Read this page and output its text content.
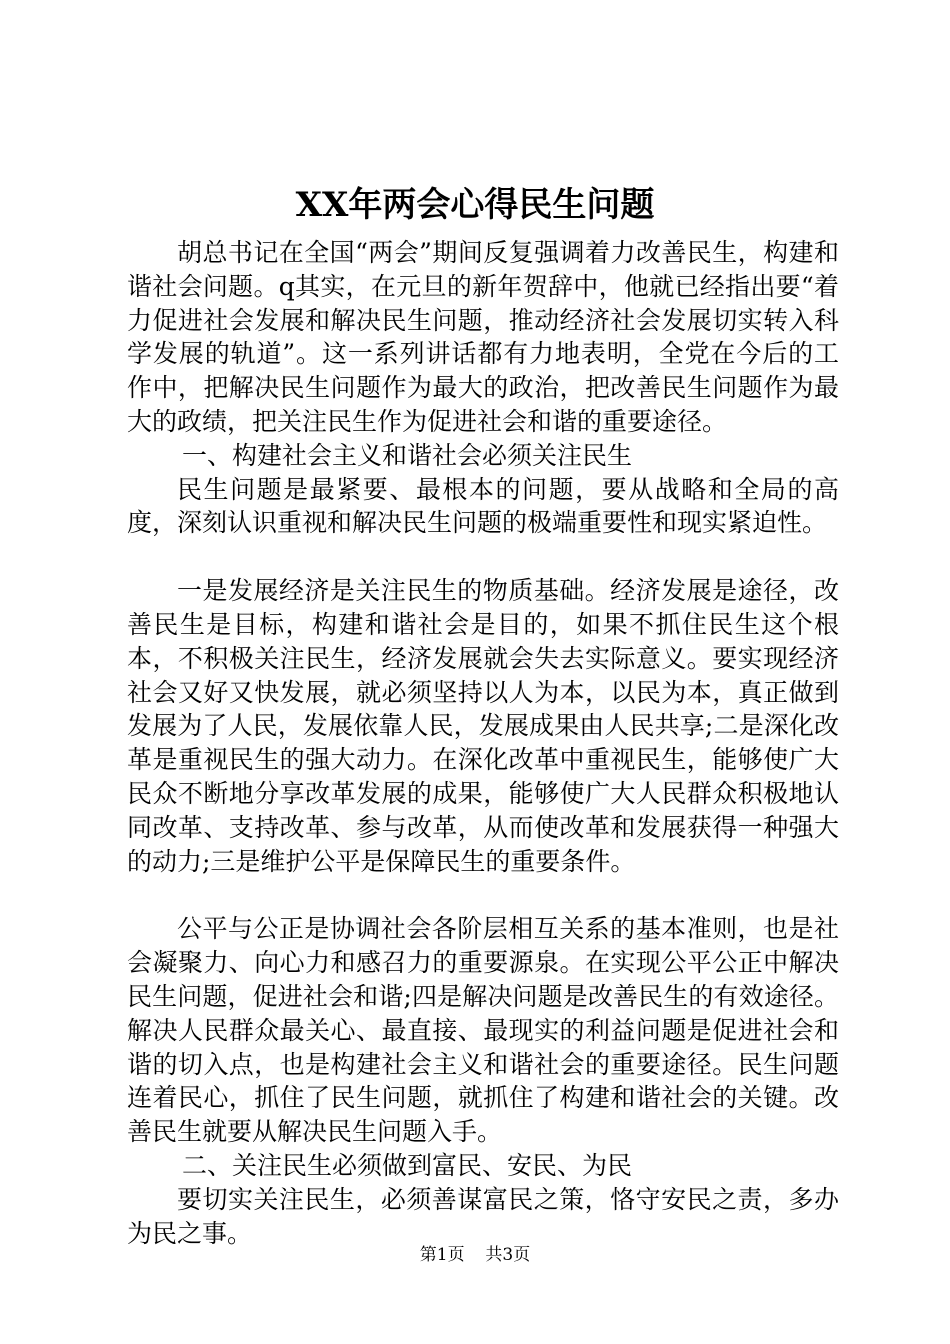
XX年两会心得民生问题

胡总书记在全国“两会”期间反复强调着力改善民生，构建和谐社会问题。q其实，在元旦的新年贺辞中，他就已经指出要“着力促进社会发展和解决民生问题，推动经济社会发展切实转入科学发展的轨道”。这一系列讲话都有力地表明，全党在今后的工作中，把解决民生问题作为最大的政治，把改善民生问题作为最大的政绩，把关注民生作为促进社会和谐的重要途径。

一、构建社会主义和谐社会必须关注民生

民生问题是最紧要、最根本的问题，要从战略和全局的高度，深刻认识重视和解决民生问题的极端重要性和现实紧迫性。

一是发展经济是关注民生的物质基础。经济发展是途径，改善民生是目标，构建和谐社会是目的，如果不抓住民生这个根本，不积极关注民生，经济发展就会失去实际意义。要实现经济社会又好又快发展，就必须坚持以人为本，以民为本，真正做到发展为了人民，发展依靠人民，发展成果由人民共享;二是深化改革是重视民生的强大动力。在深化改革中重视民生，能够使广大民众不断地分享改革发展的成果，能够使广大人民群众积极地认同改革、支持改革、参与改革，从而使改革和发展获得一种强大的动力;三是维护公平是保障民生的重要条件。

公平与公正是协调社会各阶层相互关系的基本准则，也是社会凝聚力、向心力和感召力的重要源泉。在实现公平公正中解决民生问题，促进社会和谐;四是解决问题是改善民生的有效途径。解决人民群众最关心、最直接、最现实的利益问题是促进社会和谐的切入点，也是构建社会主义和谐社会的重要途径。民生问题连着民心，抓住了民生问题，就抓住了构建和谐社会的关键。改善民生就要从解决民生问题入手。

二、关注民生必须做到富民、安民、为民

要切实关注民生，必须善谋富民之策，恪守安民之责，多办为民之事。

第1页 共3页
